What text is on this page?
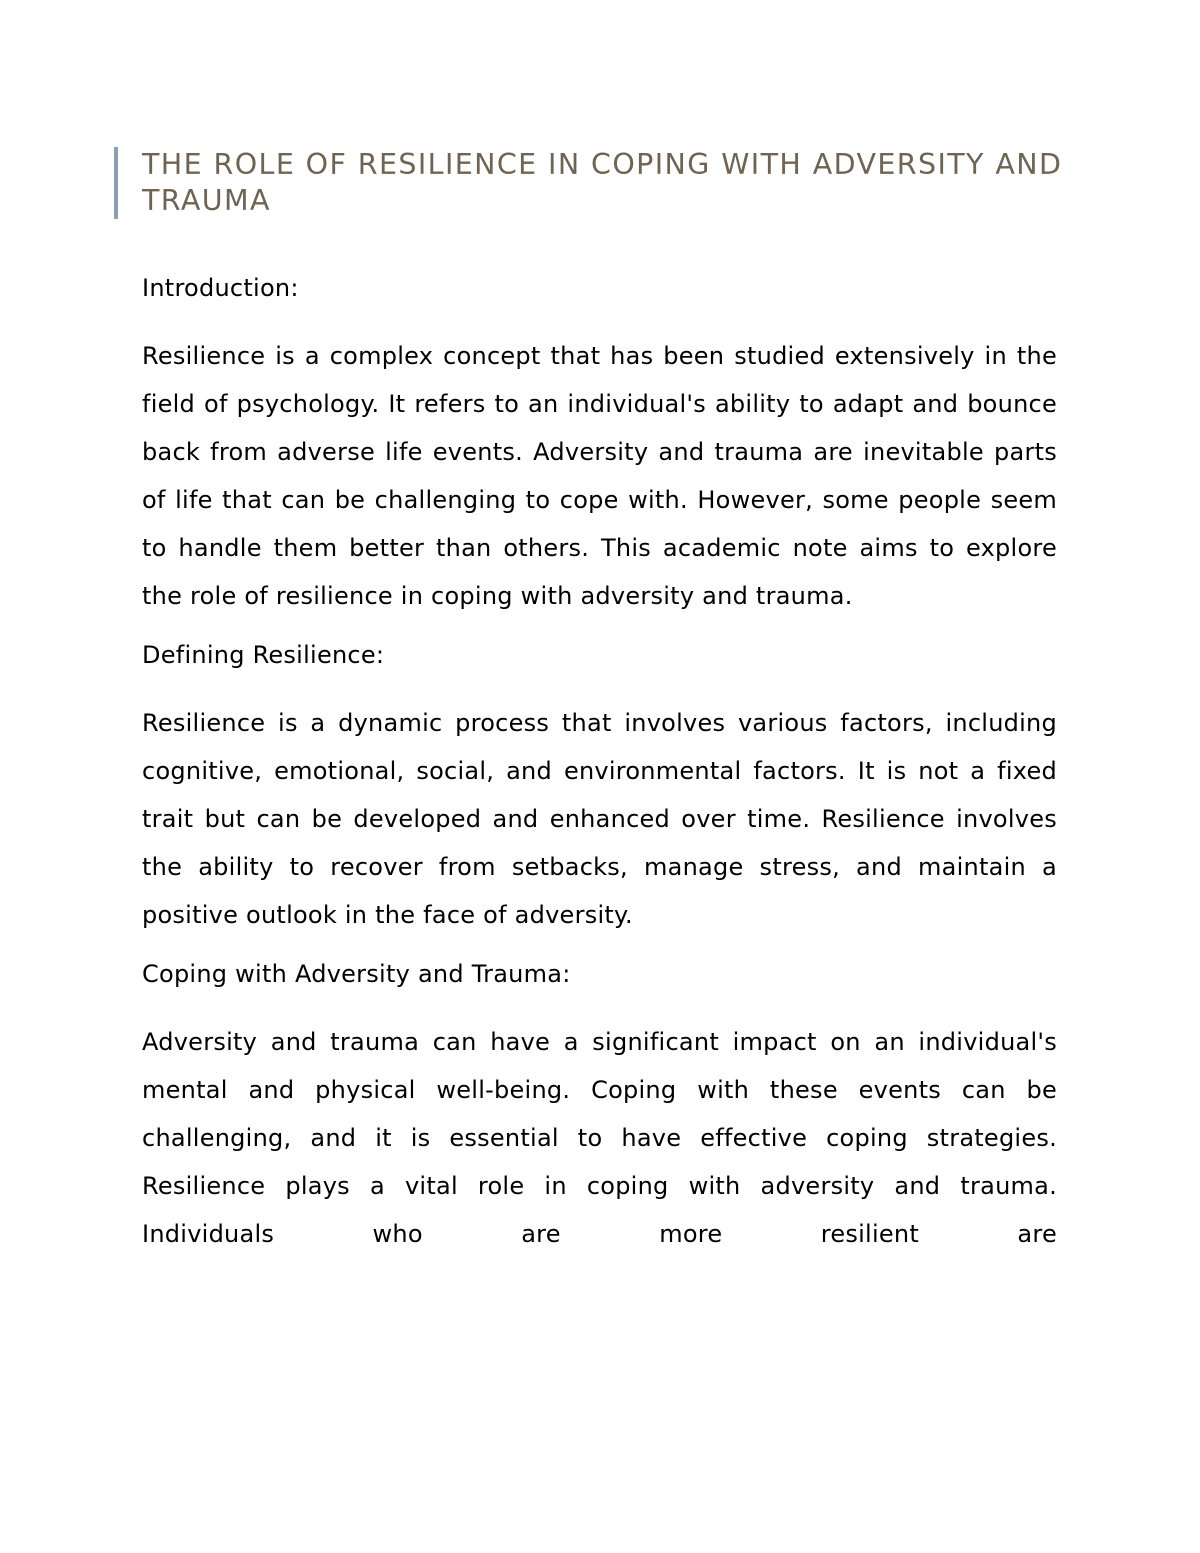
THE ROLE OF RESILIENCE IN COPING WITH ADVERSITY AND TRAUMA

Introduction:

Resilience is a complex concept that has been studied extensively in the field of psychology. It refers to an individual's ability to adapt and bounce back from adverse life events. Adversity and trauma are inevitable parts of life that can be challenging to cope with. However, some people seem to handle them better than others. This academic note aims to explore the role of resilience in coping with adversity and trauma.

Defining Resilience:

Resilience is a dynamic process that involves various factors, including cognitive, emotional, social, and environmental factors. It is not a fixed trait but can be developed and enhanced over time. Resilience involves the ability to recover from setbacks, manage stress, and maintain a positive outlook in the face of adversity.

Coping with Adversity and Trauma:

Adversity and trauma can have a significant impact on an individual's mental and physical well-being. Coping with these events can be challenging, and it is essential to have effective coping strategies. Resilience plays a vital role in coping with adversity and trauma. Individuals who are more resilient are
